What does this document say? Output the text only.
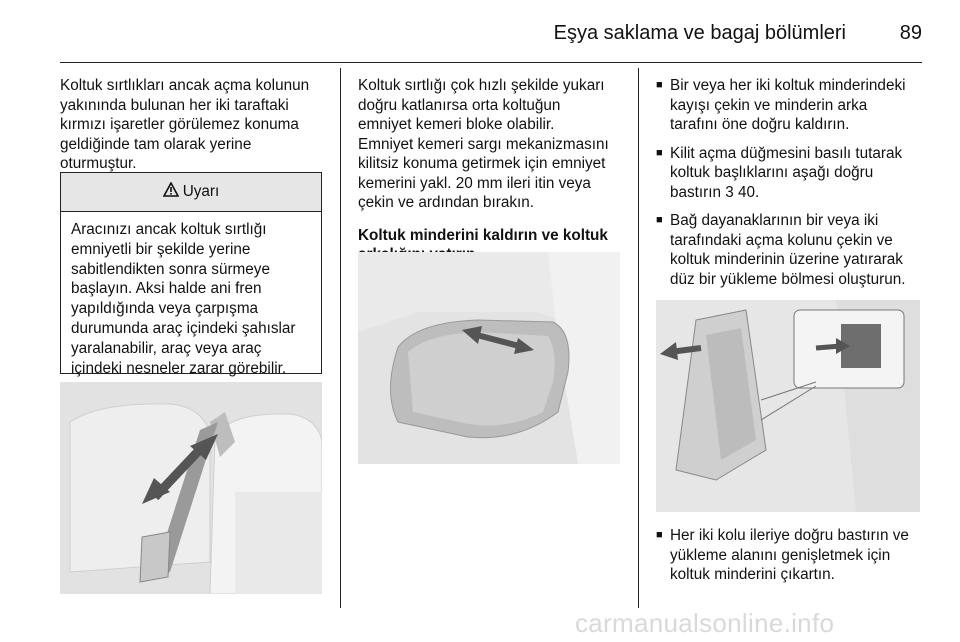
Eşya saklama ve bagaj bölümleri	89

Koltuk sırtlıkları ancak açma kolunun
yakınında bulunan her iki taraftaki
kırmızı işaretler görülemez konuma
geldiğinde tam olarak yerine
oturmuştur.

Uyarı
Aracınızı ancak koltuk sırtlığı
emniyetli bir şekilde yerine
sabitlendikten sonra sürmeye
başlayın. Aksi halde ani fren
yapıldığında veya çarpışma
durumunda araç içindeki şahıslar
yaralanabilir, araç veya araç
içindeki nesneler zarar görebilir.

Koltuk sırtlığı çok hızlı şekilde yukarı
doğru katlanırsa orta koltuğun
emniyet kemeri bloke olabilir.
Emniyet kemeri sargı mekanizmasını
kilitsiz konuma getirmek için emniyet
kemerini yakl. 20 mm ileri itin veya
çekin ve ardından bırakın.

Koltuk minderini kaldırın ve koltuk

■ Bir veya her iki koltuk minderindeki
kayışı çekin ve minderin arka
tarafını öne doğru kaldırın.
■ Kilit açma düğmesini basılı tutarak
koltuk başlıklarını aşağı doğru
bastırın 3 40.
■ Bağ dayanaklarının bir veya iki
tarafındaki açma kolunu çekin ve
koltuk minderinin üzerine yatırarak
düz bir yükleme bölmesi oluşturun.
■ Her iki kolu ileriye doğru bastırın ve
yükleme alanını genişletmek için
koltuk minderini çıkartın.
carmanualsonline.info
